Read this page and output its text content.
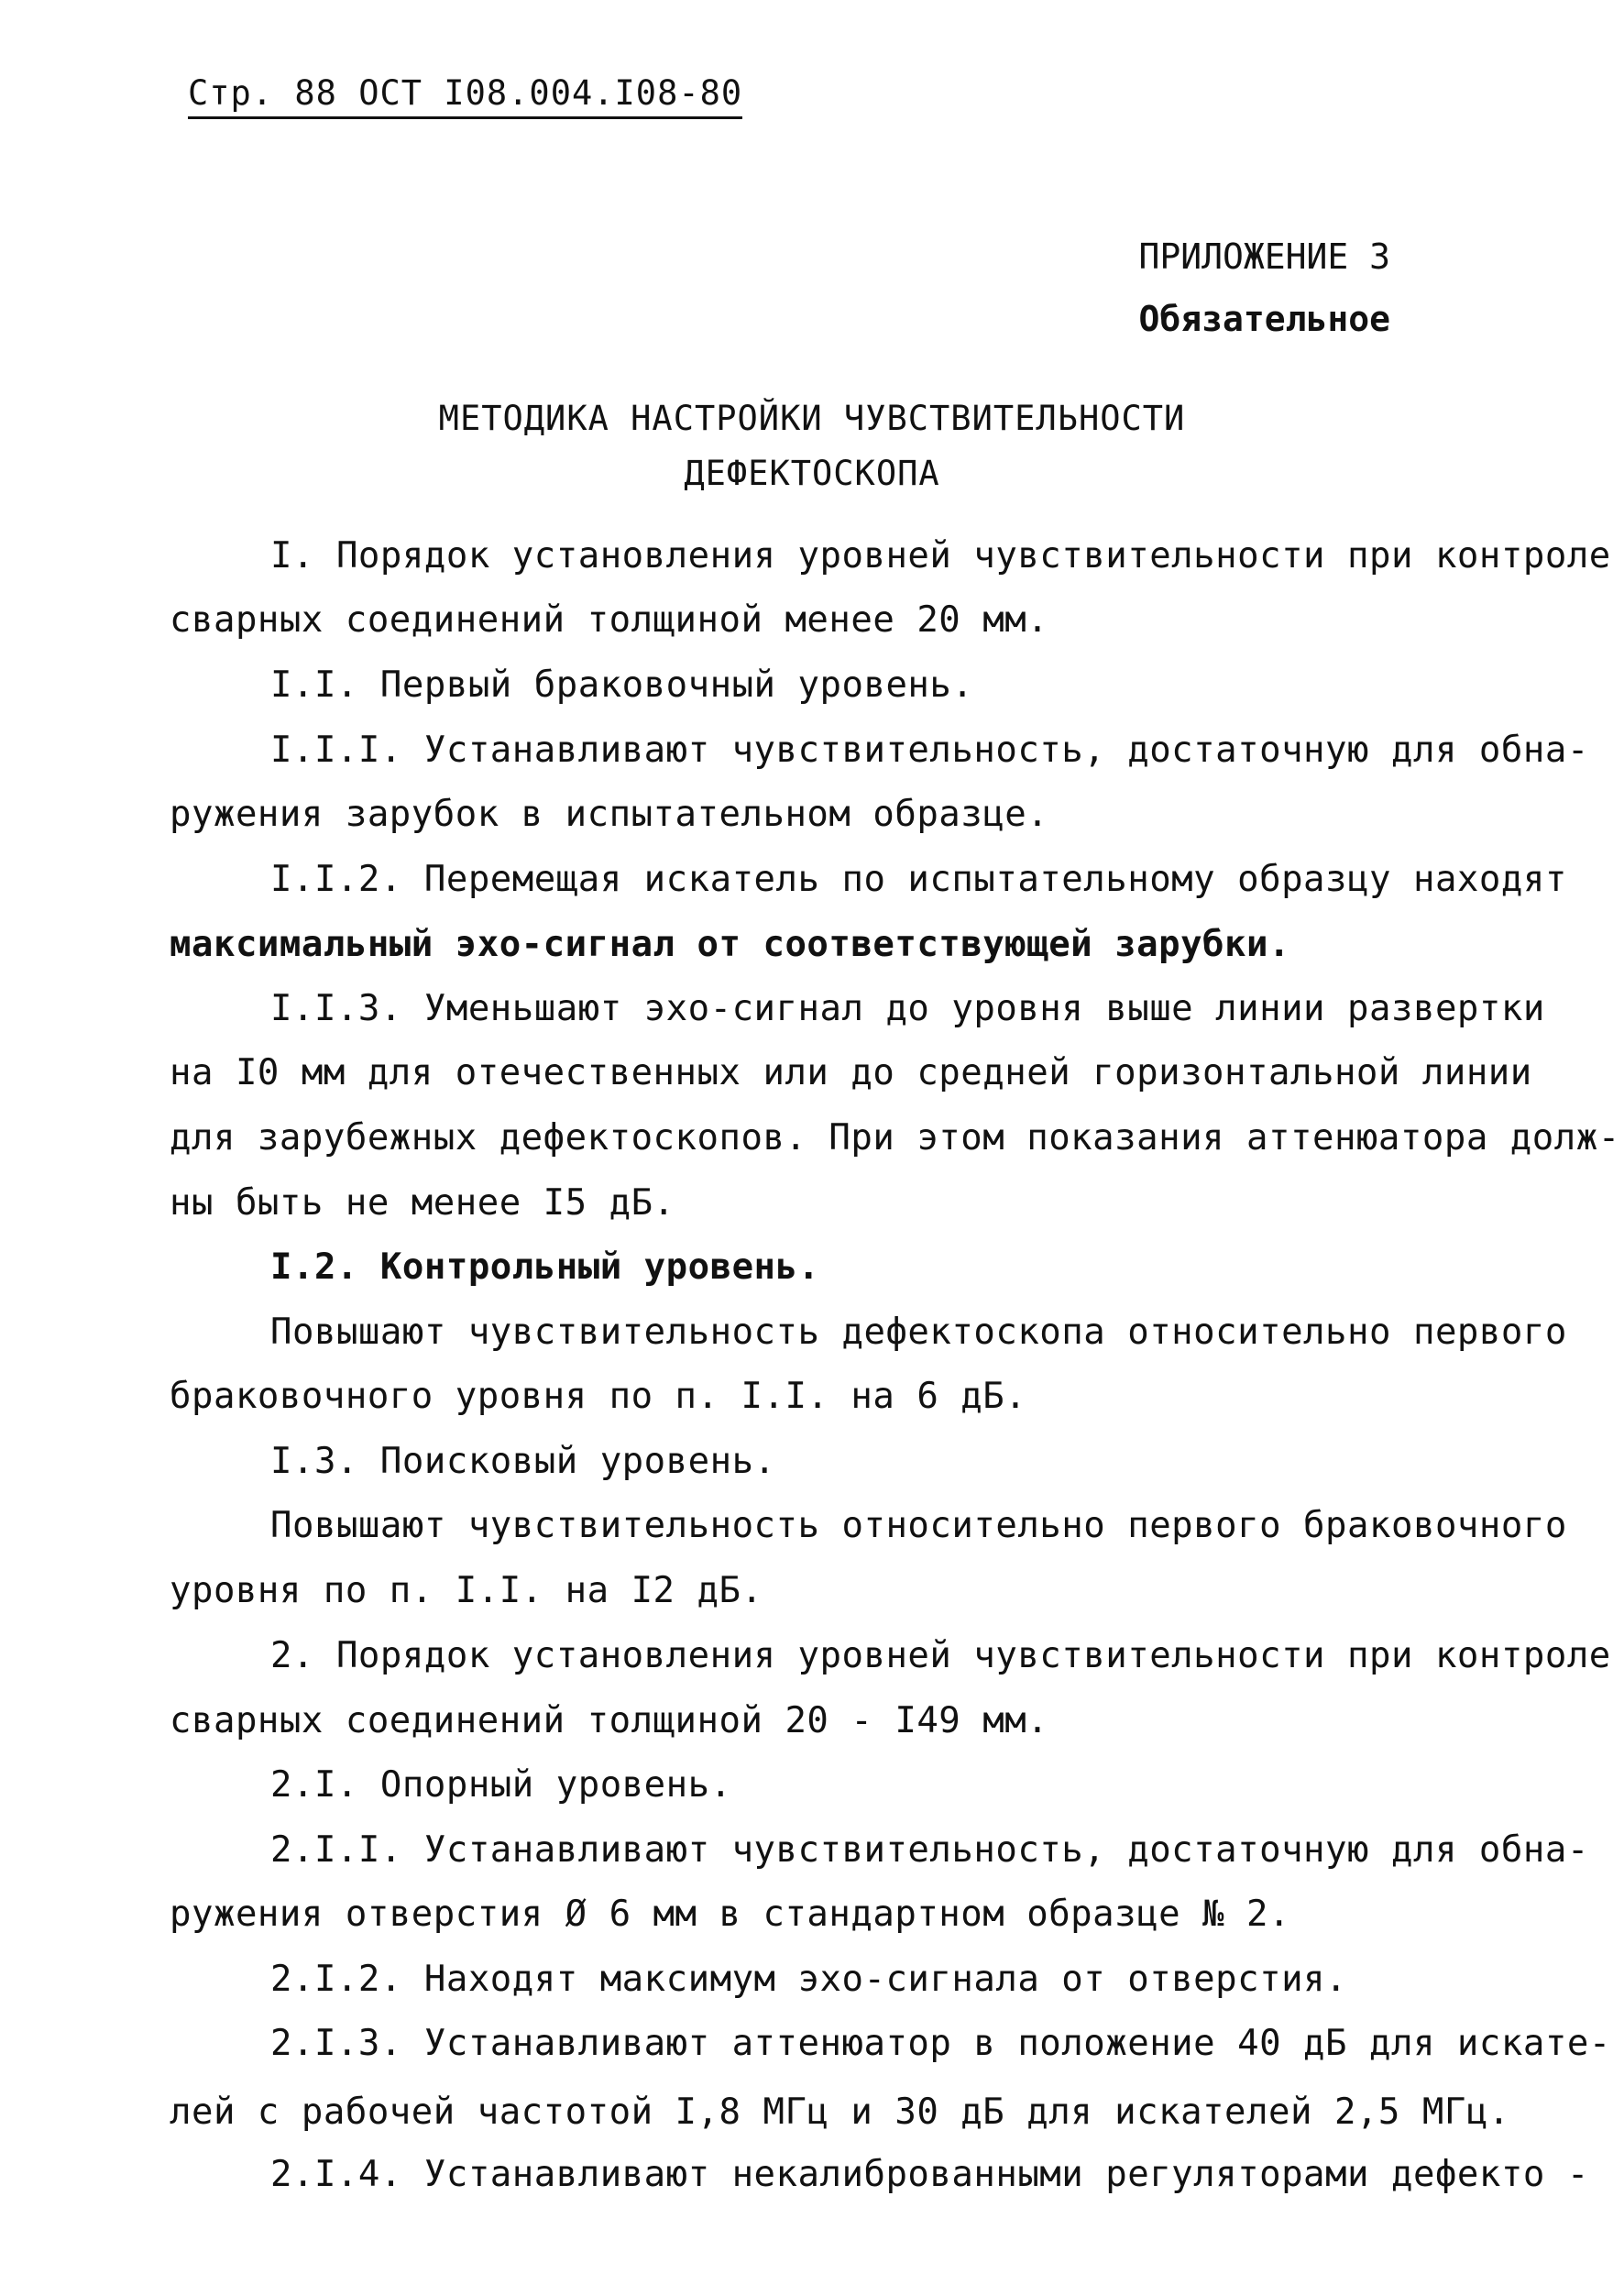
Стр. 88 ОСТ I08.004.I08-80
ПРИЛОЖЕНИЕ 3
Обязательное
МЕТОДИКА НАСТРОЙКИ ЧУВСТВИТЕЛЬНОСТИ
ДЕФЕКТОСКОПА
I. Порядок установления уровней чувствительности при контроле
сварных соединений толщиной менее 20 мм.
I.I. Первый браковочный уровень.
I.I.I. Устанавливают чувствительность, достаточную для обна-
ружения зарубок в испытательном образце.
I.I.2. Перемещая искатель по испытательному образцу находят
максимальный эхо-сигнал от соответствующей зарубки.
I.I.3. Уменьшают эхо-сигнал до уровня выше линии развертки
на I0 мм для отечественных или до средней горизонтальной линии
для зарубежных дефектоскопов. При этом показания аттенюатора долж-
ны быть не менее I5 дБ.
I.2. Контрольный уровень.
Повышают чувствительность дефектоскопа относительно первого
браковочного уровня по п. I.I. на 6 дБ.
I.3. Поисковый уровень.
Повышают чувствительность относительно первого браковочного
уровня по п. I.I. на I2 дБ.
2. Порядок установления уровней чувствительности при контроле
сварных соединений толщиной 20 - I49 мм.
2.I. Опорный уровень.
2.I.I. Устанавливают чувствительность, достаточную для обна-
ружения отверстия Ø 6 мм в стандартном образце № 2.
2.I.2. Находят максимум эхо-сигнала от отверстия.
2.I.3. Устанавливают аттенюатор в положение 40 дБ для искате-
лей с рабочей частотой I,8 МГц и 30 дБ для искателей 2,5 МГц.
2.I.4. Устанавливают некалиброванными регуляторами дефекто -
